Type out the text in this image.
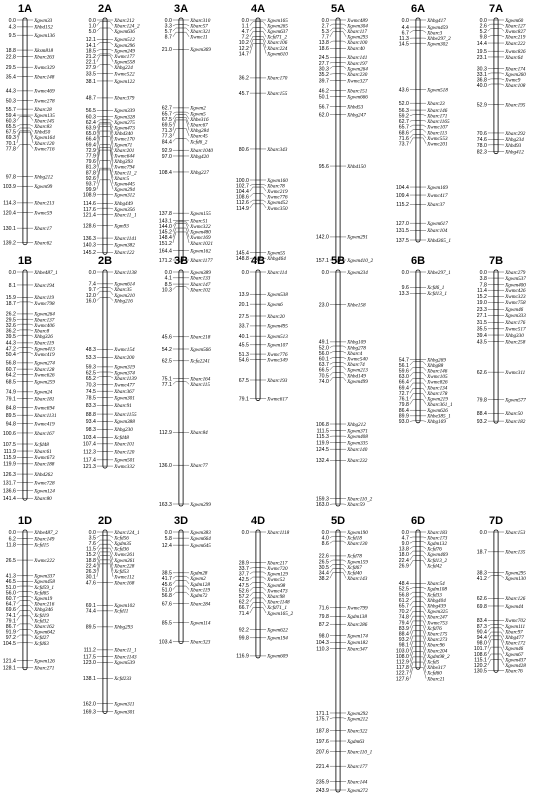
1A
0.0	Xgwm33
4.3	Xhbd152
9.5	Xgwm136
18.8	Xksm818
22.8	Xbarc263
29.5	Xwmc329
35.4	Xbarc148
44.3	Xwmc469
50.3	Xwmc278
55.7	Xbarc28
59.4	Xgwm135
60.3	Xbarc145
65.5	Xbarc83
67.5	Xhbd50
69.3	Xgwm164
70.1	Xbarc120
77.8	Xwmc716
97.8	Xhbg212
103.9	Xgwm99
114.3	Xbarc213
120.4	Xwmc59
130.1	Xbarc17
139.2	Xbarc62
2A
0.0	Xbarc212
1.0	Xbarc124_2
5.0	Xgwm636
12.1	Xgwm512
14.1	Xgwm296
18.5	Xgwm249
21.2	Xwmc177
22.1	Xgwm558
27.9	Xhbg224
33.5	Xwmc522
38.1	Xgwm122
48.7	Xbarc379
56.5	Xgwm339
60.3	Xgwm328
62.4	Xgwm275
63.9	Xgwm473
65.0	Xhbd340
66.4	Xwmc170
69.4	Xgwm71
72.9	Xbarc201
77.9	Xwmc644
79.6	Xhbg393
81.3	Xwmc794
87.8	Xbarc11_2
92.6	Xbarc5
93.7	Xgwm445
99.9	Xgwm294
108.9	Xgwm312
114.6	Xhbg449
117.6	Xgwm356
121.4	Xbarc11_1
128.6	Xgm93
136.3	Xbarc1141
140.3	Xgwm382
145.2	Xbarc122
3A
0.0	Xbarc310
3.3	Xbarc57
5.7	Xbarc321
8.7	Xwmc11
21.0	Xgwm369
62.7	Xgwm2
65.7	Xgwm5
67.5	Xhbe316
69.5	Xbarc67
71.3	Xhbg284
77.3	Xbarc45
84.4	Xcfd6_2
92.9	Xbarc1040
97.0	Xhbg420
108.4	Xhbg227
137.8	Xgwm155
143.1	Xbarc51
144.0	Xwmc322
145.2	Xgwm480
148.4	Xwmc169
151.2	Xbarc1021
164.4	Xgwm162
171.2	Xbarc1177
4A
0.0	Xgwm165
1.1	Xgwm265
4.7	Xgwm637
7.2	Xcfd71_2
10.2	Xbarc106
12.2	Xbarc224
14.7	Xgwm610
36.2	Xbarc170
45.7	Xbarc155
80.6	Xbarc343
100.0	Xgwm160
102.7	Xbarc78
104.4	Xwmc219
108.6	Xwmc776
112.6	Xgwm452
114.9	Xwmc350
145.4	Xgwm55
148.8	Xhbg464
5A
0.0	Xwmc489
2.7	Xgwm304
5.3	Xbarc117
7.7	Xgwm293
13.8	Xbarc100
18.6	Xbarc40
24.5	Xbarc141
27.7	Xbarc197
30.3	Xgwm264
35.2	Xbarc230
39.7	Xwmc327
46.2	Xbarc151
50.1	Xgwm666
56.7	Xhbd53
62.0	Xhbg247
95.6	Xhbd150
142.0	Xgwm291
157.1	Xgwm410_2
6A
0.0	Xhbg417
4.4	Xgwm459
6.7	Xbarc3
11.3	Xhbe297_2
14.5	Xgwm302
43.6	Xgwm518
52.0	Xbarc23
56.3	Xbarc146
59.2	Xbarc171
62.7	Xbarc1165
65.7	Xwmc107
68.6	Xbarc113
71.6	Xwmc553
73.7	Xwmc201
104.4	Xgwm169
109.4	Xwmc417
115.2	Xbarc37
127.0	Xgwm617
131.5	Xbarc104
137.5	Xhbd365_1
7A
0.0	Xgwm60
2.6	Xbarc127
5.2	Xwmc827
9.8	Xbarc219
14.4	Xbarc222
19.5	Xwmc826
23.1	Xbarc64
30.3	Xbarc174
33.1	Xgwm260
36.8	Xwmc9
40.0	Xbarc108
52.9	Xbarc195
70.6	Xbarc292
74.6	Xhbg234
78.0	Xhbd93
82.3	Xhbg412
1B
0.0	Xhbe487_1
8.1	Xbarc194
15.9	Xbarc119
18.7	Xwmc798
26.2	Xgwm264
29.5	Xbarc137
32.6	Xwmc406
36.2	Xbarc8
39.5	Xhbg326
44.3	Xbarc119
47.2	Xgwm413
50.4	Xwmc419
56.8	Xgwm274
60.7	Xbarc128
64.2	Xwmc626
68.5	Xgwm259
74.9	Xgwm24
79.1	Xbarc181
84.8	Xwmc694
89.5	Xbarc1131
94.8	Xwmc419
100.6	Xbarc167
107.5	Xcfd48
111.9	Xbarc61
115.9	Xwmc673
119.9	Xbarc188
126.3	Xhbd262
131.7	Xwmc728
136.6	Xgwm124
141.4	Xbarc80
2B
0.0	Xbarc1138
7.4	Xgwm614
9.7	Xbarc35
12.0	Xgwm210
16.0	Xhbg216
48.3	Xwmc154
53.3	Xbarc200
59.3	Xgwm319
62.5	Xgwm374
65.2	Xbarc1139
70.3	Xwmc477
74.5	Xbarc367
78.5	Xgwm301
83.3	Xbarc91
88.8	Xbarc1155
93.4	Xgwm388
98.3	Xhbg230
103.4	Xcfd48
107.4	Xbarc101
112.3	Xbarc120
117.4	Xgwm501
121.3	Xwmc332
3B
0.0	Xgwm389
4.1	Xbarc133
8.5	Xbarc147
10.3	Xbarc102
45.6	Xbarc218
54.2	Xgwm566
62.5	Xcfa2241
75.1	Xbarc164
77.1	Xbarc115
112.9	Xbarc84
136.0	Xbarc77
163.3	Xgwm299
4B
0.0	Xbarc114
13.9	Xgwm538
20.1	Xgwm6
27.5	Xbarc20
33.7	Xgwm495
40.1	Xgwm513
45.5	Xgwm107
51.3	Xwmc776
54.6	Xwmc349
67.5	Xbarc193
79.1	Xwmc617
5B
0.0	Xgwm234
23.0	Xhbe158
49.1	Xhbg109
52.0	Xhbg278
56.0	Xbarc4
60.1	Xwmc540
63.7	Xbarc74
66.5	Xgwm213
70.5	Xhbd149
74.0	Xgwm499
106.8	Xhbg212
111.5	Xgwm371
115.3	Xgwm408
119.9	Xgwm335
124.5	Xbarc140
132.4	Xbarc232
159.3	Xbarc110_2
163.0	Xbarc59
6B
0.0	Xhbe297_1
9.6	Xcfd6_1
13.3	Xcfd13_1
54.7	Xhbg269
56.1	Xhbg88
59.6	Xbarc146
63.0	Xwmc105
66.4	Xwmc826
69.4	Xbarc134
72.7	Xbarc178
76.1	Xgwm219
79.8	Xbarc361_1
86.4	Xgwm626
89.9	Xhbe385_1
93.0	Xhbg169
7B
0.0	Xbarc279
3.8	Xgwm537
7.8	Xgwm400
11.4	Xwmc426
15.2	Xwmc323
19.0	Xwmc758
23.3	Xgwm46
27.1	Xgwm333
31.5	Xbarc176
35.5	Xwmc517
39.4	Xhbg330
43.5	Xbarc258
62.6	Xwmc311
79.8	Xgwm577
88.4	Xbarc50
93.2	Xbarc182
1D
0.0	Xhbe487_2
6.2	Xbarc149
11.8	Xcfd15
26.5	Xwmc222
41.3	Xgwm337
46.5	Xgwm458
51.0	Xcfd59_1
56.0	Xcfd65
60.7	Xgwm19
64.7	Xbarc216
69.6	Xhbg346
74.1	Xcfd19
79.1	Xcfd32
86.7	Xbarc162
91.9	Xgwm642
97.2	Xcfd27
104.5	Xcfd63
121.4	Xgwm126
128.1	Xbarc271
2D
0.0	Xbarc124_1
3.5	Xcfd56
7.6	Xgdm35
11.5	Xcfd36
15.2	Xwmc261
18.8	Xgwm261
22.4	Xbarc228
26.3	Xcfd53
30.1	Xwmc112
47.6	Xbarc168
69.1	Xgwm102
74.4	Xcfd11
89.5	Xhbg293
111.2	Xbarc11_1
117.5	Xbarc1143
123.0	Xgwm539
138.1	Xcfd233
162.0	Xgwm311
169.3	Xgwm301
3D
0.0	Xgwm383
5.8	Xgwm664
12.4	Xgwm645
38.5	Xgdm28
41.7	Xgwm2
45.6	Xgdm128
51.0	Xbarc119
56.8	Xgdm72
67.6	Xbarc284
85.5	Xgwm114
103.4	Xbarc323
4D
0.0	Xbarc1118
28.9	Xbarc217
33.7	Xwmc720
37.7	Xgwm129
42.5	Xwmc52
47.5	Xgwm98
52.6	Xwmc473
57.2	Xbarc98
62.2	Xbarc1148
66.7	Xcfd71_1
71.4	Xgwm165_2
92.2	Xgwm622
99.8	Xgwm194
116.9	Xgwm609
5D
0.0	Xgwm190
4.0	Xcfd18
8.6	Xbarc130
22.6	Xcfd78
26.5	Xgwm159
30.5	Xcfd67
34.4	Xcfd40
38.2	Xbarc143
71.6	Xwmc799
79.8	Xgdm138
87.2	Xbarc286
98.0	Xgwm174
104.3	Xgwm182
110.3	Xbarc347
171.1	Xgwm292
175.7	Xgwm212
187.8	Xbarc322
197.6	Xgdm63
207.6	Xbarc110_1
221.4	Xbarc177
235.9	Xbarc144
243.9	Xgwm272
6D
0.0	Xbarc183
4.7	Xbarc173
9.0	Xgdm132
13.8	Xcfd76
18.0	Xgwm469
22.4	Xcfd13_2
26.9	Xcfd42
48.4	Xbarc54
52.5	Xgdm108
56.8	Xcfd33
61.2	Xhbg404
65.7	Xhbg439
70.2	Xgwm325
74.8	Xbarc247
79.4	Xwmc753
83.9	Xcfd76
88.4	Xbarc175
93.2	Xbarc273
98.1	Xbarc96
103.0	Xbarc204
108.0	Xgdm98_2
112.9	Xcfd5
117.8	Xhbe317
122.7	Xcfd60
127.6	Xbarc21
7D
0.0	Xbarc153
18.7	Xbarc135
38.3	Xgwm295
41.2	Xgwm130
62.6	Xbarc126
69.8	Xgwm44
83.4	Xwmc702
87.3	Xgwm111
90.4	Xbarc97
94.4	Xhbg477
98.0	Xbarc172
101.7	Xgwm46
108.6	Xgwm67
115.1	Xgwm437
120.2	Xgwm428
130.5	Xbarc76
